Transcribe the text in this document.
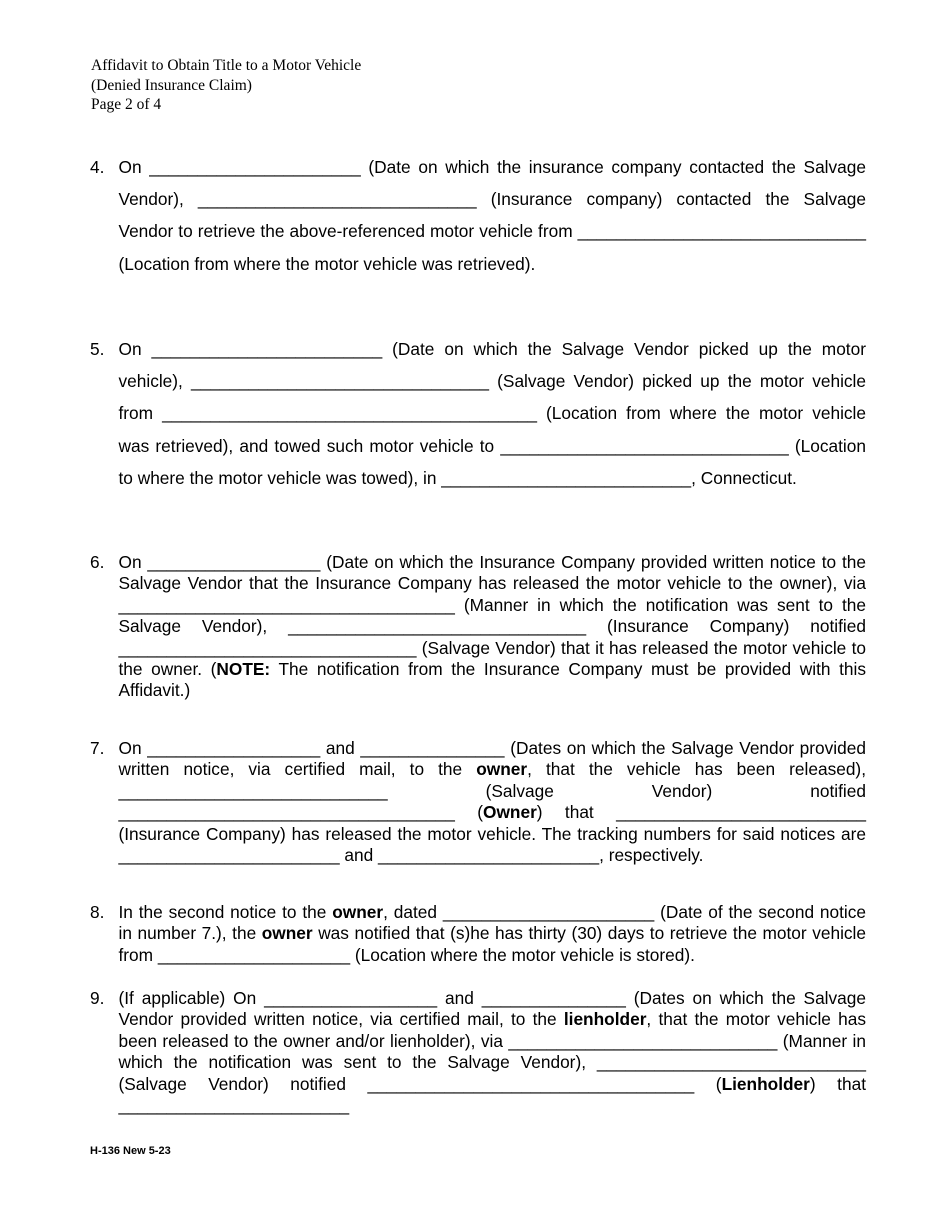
Affidavit to Obtain Title to a Motor Vehicle
(Denied Insurance Claim)
Page 2 of 4
4. On ______________________ (Date on which the insurance company contacted the Salvage Vendor), _____________________________ (Insurance company) contacted the Salvage Vendor to retrieve the above-referenced motor vehicle from ______________________________ (Location from where the motor vehicle was retrieved).
5. On ________________________ (Date on which the Salvage Vendor picked up the motor vehicle), _______________________________ (Salvage Vendor) picked up the motor vehicle from _______________________________________ (Location from where the motor vehicle was retrieved), and towed such motor vehicle to ______________________________ (Location to where the motor vehicle was towed), in __________________________, Connecticut.
6. On __________________ (Date on which the Insurance Company provided written notice to the Salvage Vendor that the Insurance Company has released the motor vehicle to the owner), via ___________________________________ (Manner in which the notification was sent to the Salvage Vendor), _______________________________ (Insurance Company) notified _______________________________ (Salvage Vendor) that it has released the motor vehicle to the owner. (NOTE: The notification from the Insurance Company must be provided with this Affidavit.)
7. On __________________ and _______________ (Dates on which the Salvage Vendor provided written notice, via certified mail, to the owner, that the vehicle has been released), ____________________________	(Salvage Vendor) notified ___________________________________ (Owner) that __________________________ (Insurance Company) has released the motor vehicle. The tracking numbers for said notices are _______________________ and _______________________, respectively.
8. In the second notice to the owner, dated ______________________ (Date of the second notice in number 7.), the owner was notified that (s)he has thirty (30) days to retrieve the motor vehicle from ____________________ (Location where the motor vehicle is stored).
9. (If applicable) On __________________ and _______________ (Dates on which the Salvage Vendor provided written notice, via certified mail, to the lienholder, that the motor vehicle has been released to the owner and/or lienholder), via ____________________________ (Manner in which the notification was sent to the Salvage Vendor), ____________________________ (Salvage Vendor) notified __________________________________ (Lienholder) that ________________________
H-136 New 5-23
